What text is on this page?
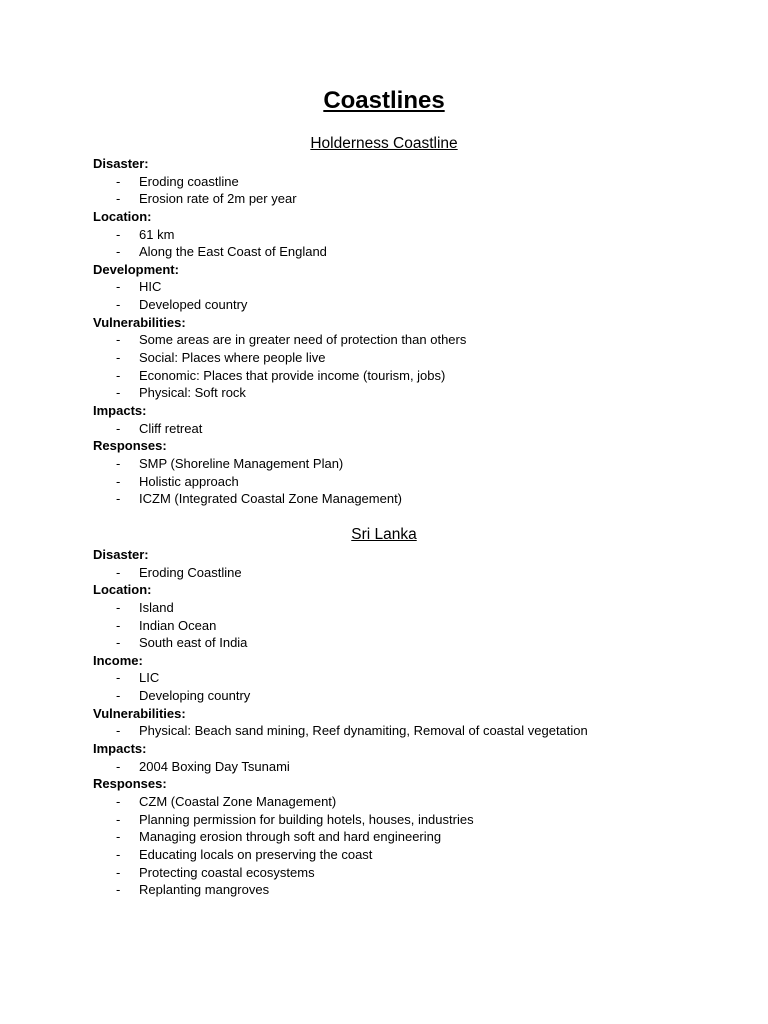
Coastlines
Holderness Coastline
Disaster:
- Eroding coastline
- Erosion rate of 2m per year
Location:
- 61 km
- Along the East Coast of England
Development:
- HIC
- Developed country
Vulnerabilities:
- Some areas are in greater need of protection than others
- Social: Places where people live
- Economic: Places that provide income (tourism, jobs)
- Physical: Soft rock
Impacts:
- Cliff retreat
Responses:
- SMP (Shoreline Management Plan)
- Holistic approach
- ICZM (Integrated Coastal Zone Management)
Sri Lanka
Disaster:
- Eroding Coastline
Location:
- Island
- Indian Ocean
- South east of India
Income:
- LIC
- Developing country
Vulnerabilities:
- Physical: Beach sand mining, Reef dynamiting, Removal of coastal vegetation
Impacts:
- 2004 Boxing Day Tsunami
Responses:
- CZM (Coastal Zone Management)
- Planning permission for building hotels, houses, industries
- Managing erosion through soft and hard engineering
- Educating locals on preserving the coast
- Protecting coastal ecosystems
- Replanting mangroves
